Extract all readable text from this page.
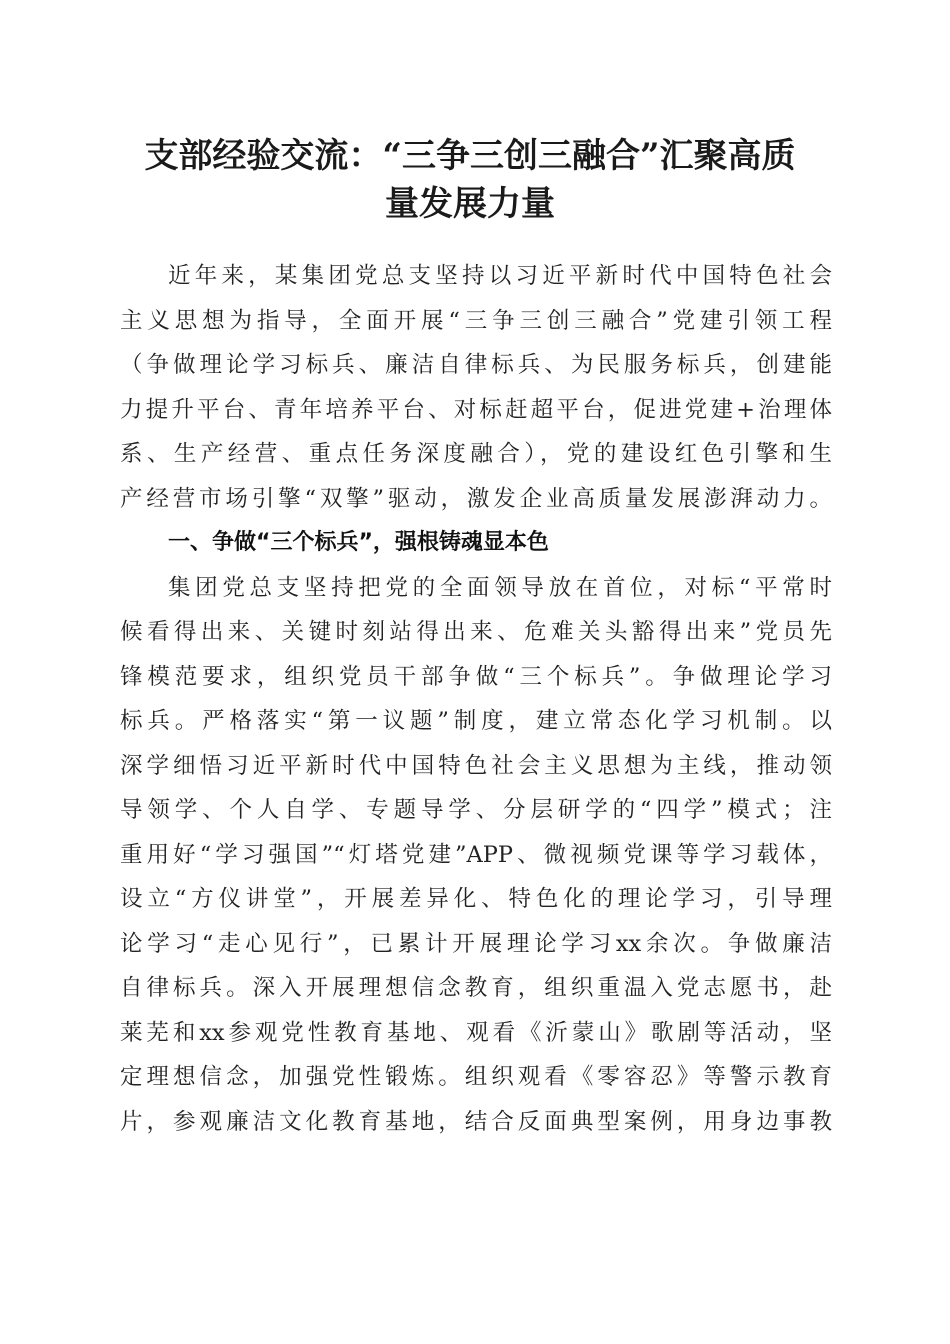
支部经验交流：“三争三创三融合”汇聚高质
量发展力量
近年来，某集团党总支坚持以习近平新时代中国特色社会
主义思想为指导，全面开展“三争三创三融合”党建引领工程
（争做理论学习标兵、廉洁自律标兵、为民服务标兵，创建能
力提升平台、青年培养平台、对标赶超平台，促进党建+治理体
系、生产经营、重点任务深度融合），党的建设红色引擎和生
产经营市场引擎“双擎”驱动，激发企业高质量发展澎湃动力。
一、争做“三个标兵”，强根铸魂显本色
集团党总支坚持把党的全面领导放在首位，对标“平常时
候看得出来、关键时刻站得出来、危难关头豁得出来”党员先
锋模范要求，组织党员干部争做“三个标兵”。争做理论学习
标兵。严格落实“第一议题”制度，建立常态化学习机制。以
深学细悟习近平新时代中国特色社会主义思想为主线，推动领
导领学、个人自学、专题导学、分层研学的“四学”模式；注
重用好“学习强国”“灯塔党建”APP、微视频党课等学习载体，
设立“方仪讲堂”，开展差异化、特色化的理论学习，引导理
论学习“走心见行”，已累计开展理论学习xx余次。争做廉洁
自律标兵。深入开展理想信念教育，组织重温入党志愿书，赴
莱芜和xx参观党性教育基地、观看《沂蒙山》歌剧等活动，坚
定理想信念，加强党性锻炼。组织观看《零容忍》等警示教育
片，参观廉洁文化教育基地，结合反面典型案例，用身边事教
